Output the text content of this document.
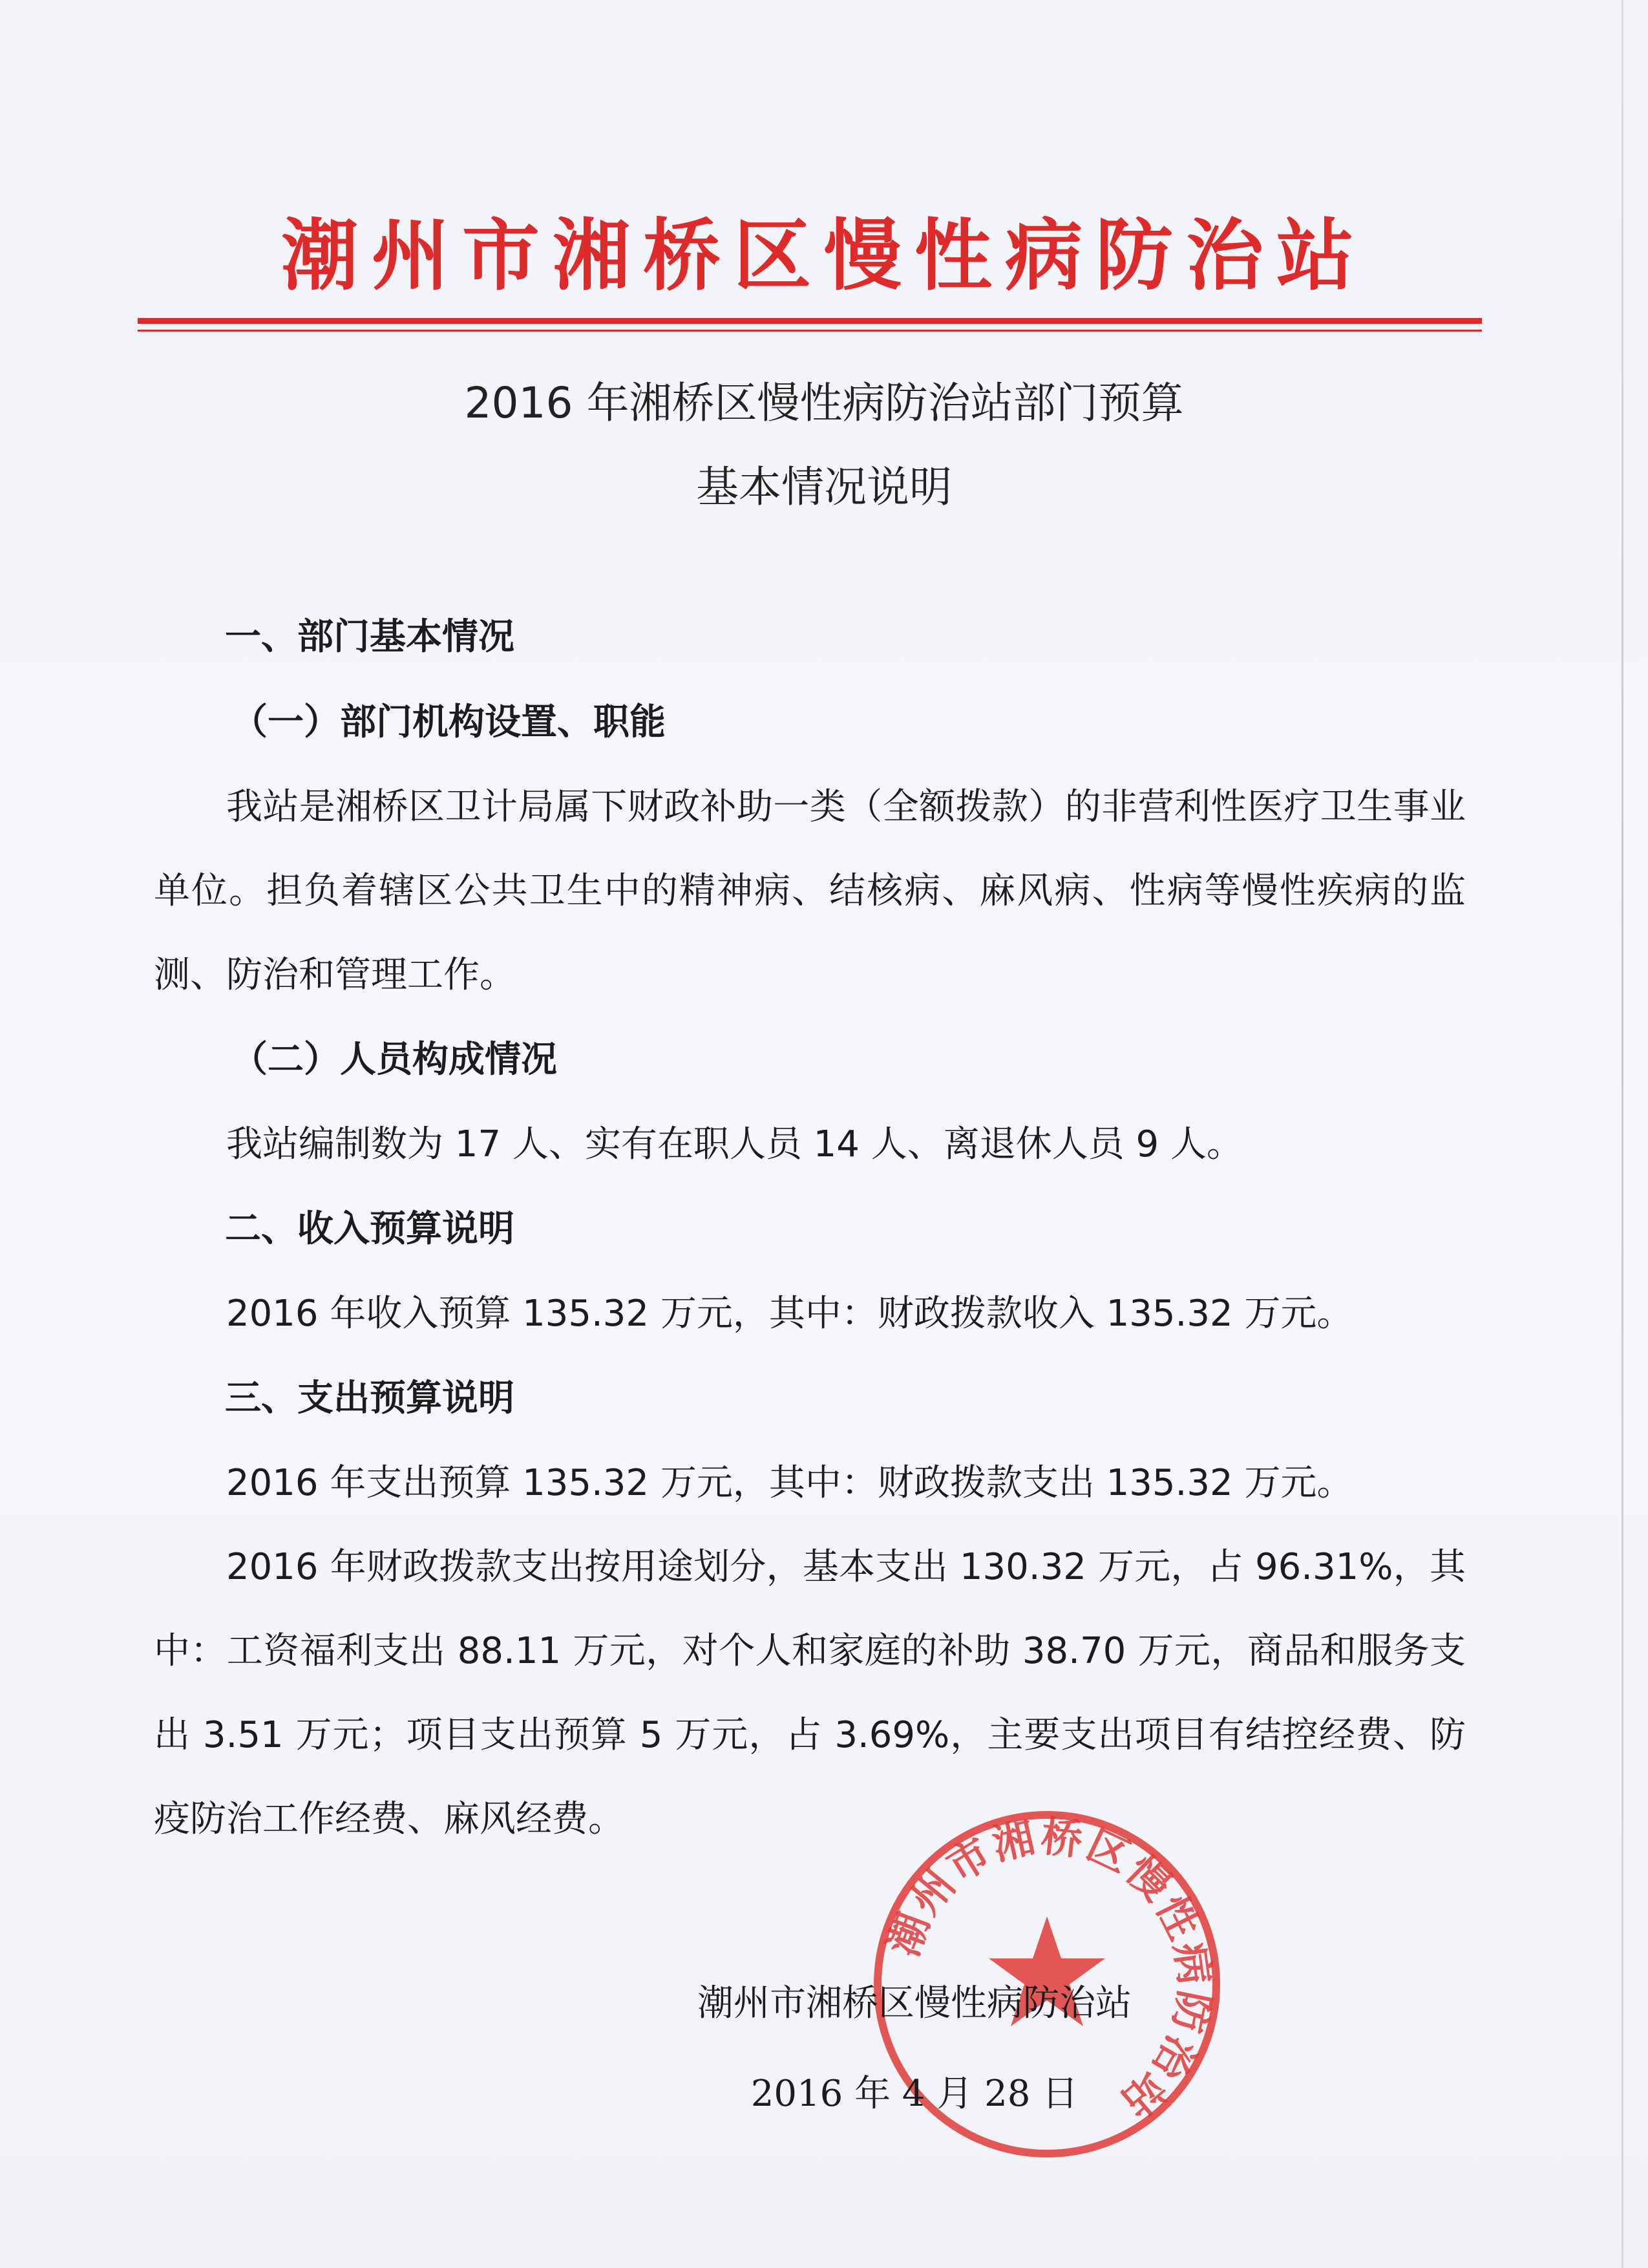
潮州市湘桥区慢性病防治站
2016 年湘桥区慢性病防治站部门预算
基本情况说明
一、部门基本情况
（一）部门机构设置、职能

我站是湘桥区卫计局属下财政补助一类（全额拨款）的非营利性医疗卫生事业单位。担负着辖区公共卫生中的精神病、结核病、麻风病、性病等慢性疾病的监测、防治和管理工作。

（二）人员构成情况

我站编制数为 17 人、实有在职人员 14 人、离退休人员 9 人。

二、收入预算说明

2016 年收入预算 135.32 万元，其中：财政拨款收入 135.32 万元。

三、支出预算说明

2016 年支出预算 135.32 万元，其中：财政拨款支出 135.32 万元。

2016 年财政拨款支出按用途划分，基本支出 130.32 万元，占 96.31%，其中：工资福利支出 88.11 万元，对个人和家庭的补助 38.70 万元，商品和服务支出 3.51 万元；项目支出预算 5 万元，占 3.69%，主要支出项目有结控经费、防疫防治工作经费、麻风经费。

潮州市湘桥区慢性病防治站
潮州市湘桥区慢性病防治站
2016 年 4 月 28 日
